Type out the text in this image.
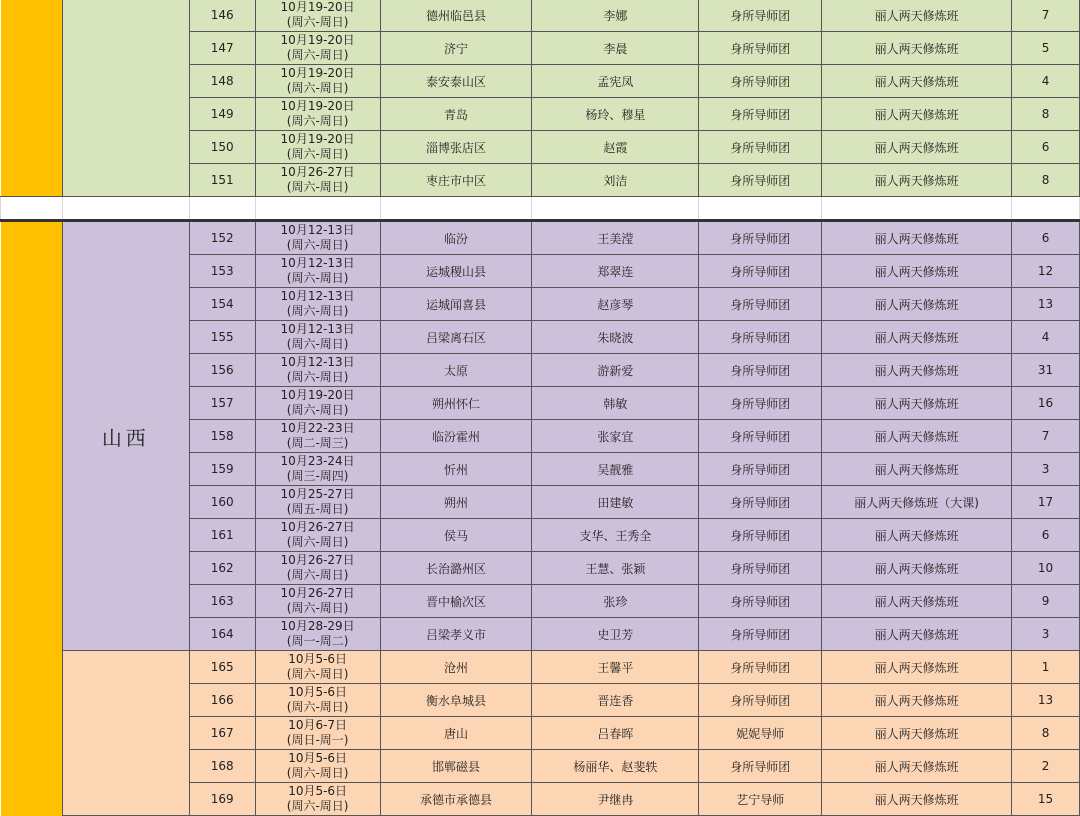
		146	10月19-20日
(周六-周日)	德州临邑县	李娜	身所导师团	丽人两天修炼班	7
		147	10月19-20日
(周六-周日)	济宁	李晨	身所导师团	丽人两天修炼班	5
		148	10月19-20日
(周六-周日)	泰安泰山区	孟宪凤	身所导师团	丽人两天修炼班	4
		149	10月19-20日
(周六-周日)	青岛	杨玲、穆星	身所导师团	丽人两天修炼班	8
		150	10月19-20日
(周六-周日)	淄博张店区	赵霞	身所导师团	丽人两天修炼班	6
		151	10月26-27日
(周六-周日)	枣庄市中区	刘洁	身所导师团	丽人两天修炼班	8

	山西	152	10月12-13日
(周六-周日)	临汾	王美滢	身所导师团	丽人两天修炼班	6
		153	10月12-13日
(周六-周日)	运城稷山县	郑翠连	身所导师团	丽人两天修炼班	12
		154	10月12-13日
(周六-周日)	运城闻喜县	赵彦琴	身所导师团	丽人两天修炼班	13
		155	10月12-13日
(周六-周日)	吕梁离石区	朱晓波	身所导师团	丽人两天修炼班	4
		156	10月12-13日
(周六-周日)	太原	游新爱	身所导师团	丽人两天修炼班	31
		157	10月19-20日
(周六-周日)	朔州怀仁	韩敏	身所导师团	丽人两天修炼班	16
		158	10月22-23日
(周二-周三)	临汾霍州	张家宜	身所导师团	丽人两天修炼班	7
		159	10月23-24日
(周三-周四)	忻州	吴靓雅	身所导师团	丽人两天修炼班	3
		160	10月25-27日
(周五-周日)	朔州	田建敏	身所导师团	丽人两天修炼班（大课)	17
		161	10月26-27日
(周六-周日)	侯马	支华、王秀全	身所导师团	丽人两天修炼班	6
		162	10月26-27日
(周六-周日)	长治潞州区	王慧、张颖	身所导师团	丽人两天修炼班	10
		163	10月26-27日
(周六-周日)	晋中榆次区	张珍	身所导师团	丽人两天修炼班	9
		164	10月28-29日
(周一-周二)	吕梁孝义市	史卫芳	身所导师团	丽人两天修炼班	3
		165	10月5-6日
(周六-周日)	沧州	王馨平	身所导师团	丽人两天修炼班	1
		166	10月5-6日
(周六-周日)	衡水阜城县	晋连香	身所导师团	丽人两天修炼班	13
		167	10月6-7日
(周日-周一)	唐山	吕春晖	妮妮导师	丽人两天修炼班	8
		168	10月5-6日
(周六-周日)	邯郸磁县	杨丽华、赵斐轶	身所导师团	丽人两天修炼班	2
		169	10月5-6日
(周六-周日)	承德市承德县	尹继冉	艺宁导师	丽人两天修炼班	15
